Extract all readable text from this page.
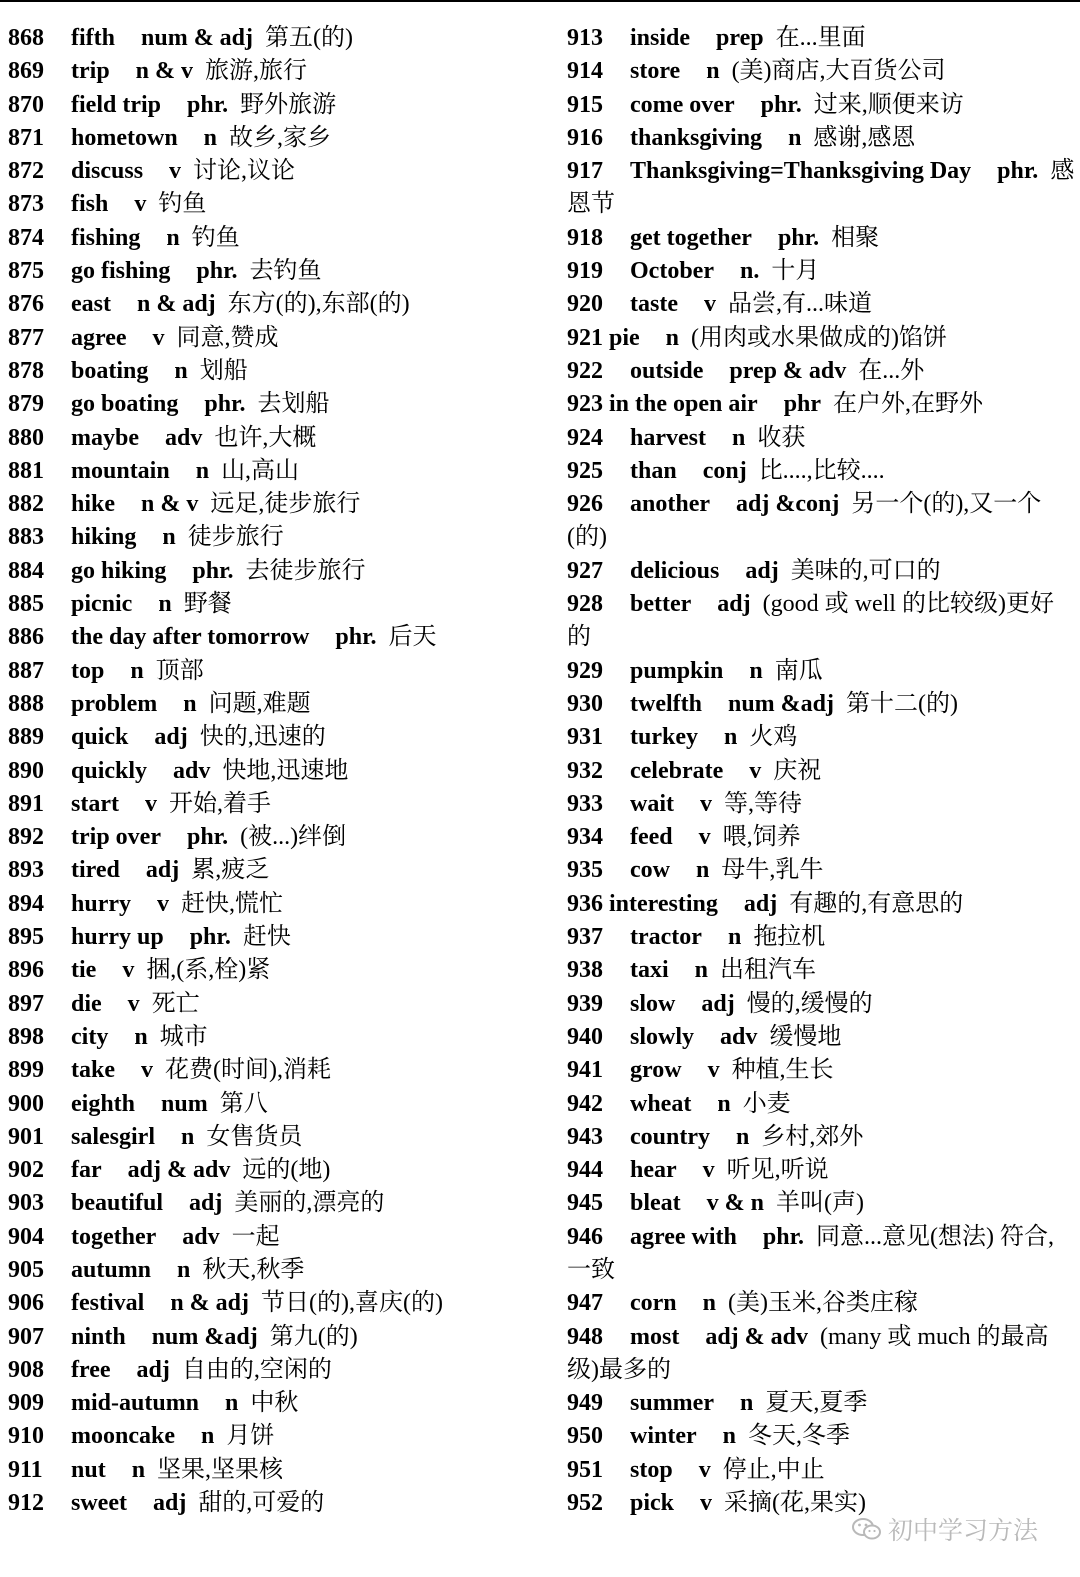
868 fifth num & adj 第五(的)
869 trip n & v 旅游,旅行
870 field trip phr. 野外旅游
871 hometown n 故乡,家乡
872 discuss v 讨论,议论
873 fish v 钓鱼
874 fishing n 钓鱼
875 go fishing phr. 去钓鱼
876 east n & adj 东方(的),东部(的)
877 agree v 同意,赞成
878 boating n 划船
879 go boating phr. 去划船
880 maybe adv 也许,大概
881 mountain n 山,高山
882 hike n & v 远足,徒步旅行
883 hiking n 徒步旅行
884 go hiking phr. 去徒步旅行
885 picnic n 野餐
886 the day after tomorrow phr. 后天
887 top n 顶部
888 problem n 问题,难题
889 quick adj 快的,迅速的
890 quickly adv 快地,迅速地
891 start v 开始,着手
892 trip over phr. (被...)绊倒
893 tired adj 累,疲乏
894 hurry v 赶快,慌忙
895 hurry up phr. 赶快
896 tie v 捆,(系,栓)紧
897 die v 死亡
898 city n 城市
899 take v 花费(时间),消耗
900 eighth num 第八
901 salesgirl n 女售货员
902 far adj & adv 远的(地)
903 beautiful adj 美丽的,漂亮的
904 together adv 一起
905 autumn n 秋天,秋季
906 festival n & adj 节日(的),喜庆(的)
907 ninth num &adj 第九(的)
908 free adj 自由的,空闲的
909 mid-autumn n 中秋
910 mooncake n 月饼
911 nut n 坚果,坚果核
912 sweet adj 甜的,可爱的
913 inside prep 在...里面
914 store n (美)商店,大百货公司
915 come over phr. 过来,顺便来访
916 thanksgiving n 感谢,感恩
917 Thanksgiving=Thanksgiving Day phr. 感恩节
918 get together phr. 相聚
919 October n. 十月
920 taste v 品尝,有...味道
921 pie n (用肉或水果做成的)馅饼
922 outside prep & adv 在...外
923 in the open air phr 在户外,在野外
924 harvest n 收获
925 than conj 比....,比较....
926 another adj &conj 另一个(的),又一个(的)
927 delicious adj 美味的,可口的
928 better adj (good 或 well 的比较级)更好的
929 pumpkin n 南瓜
930 twelfth num &adj 第十二(的)
931 turkey n 火鸡
932 celebrate v 庆祝
933 wait v 等,等待
934 feed v 喂,饲养
935 cow n 母牛,乳牛
936 interesting adj 有趣的,有意思的
937 tractor n 拖拉机
938 taxi n 出租汽车
939 slow adj 慢的,缓慢的
940 slowly adv 缓慢地
941 grow v 种植,生长
942 wheat n 小麦
943 country n 乡村,郊外
944 hear v 听见,听说
945 bleat v & n 羊叫(声)
946 agree with phr. 同意...意见(想法) 符合,一致
947 corn n (美)玉米,谷类庄稼
948 most adj & adv (many 或 much 的最高级)最多的
949 summer n 夏天,夏季
950 winter n 冬天,冬季
951 stop v 停止,中止
952 pick v 采摘(花,果实)
初中学习方法
